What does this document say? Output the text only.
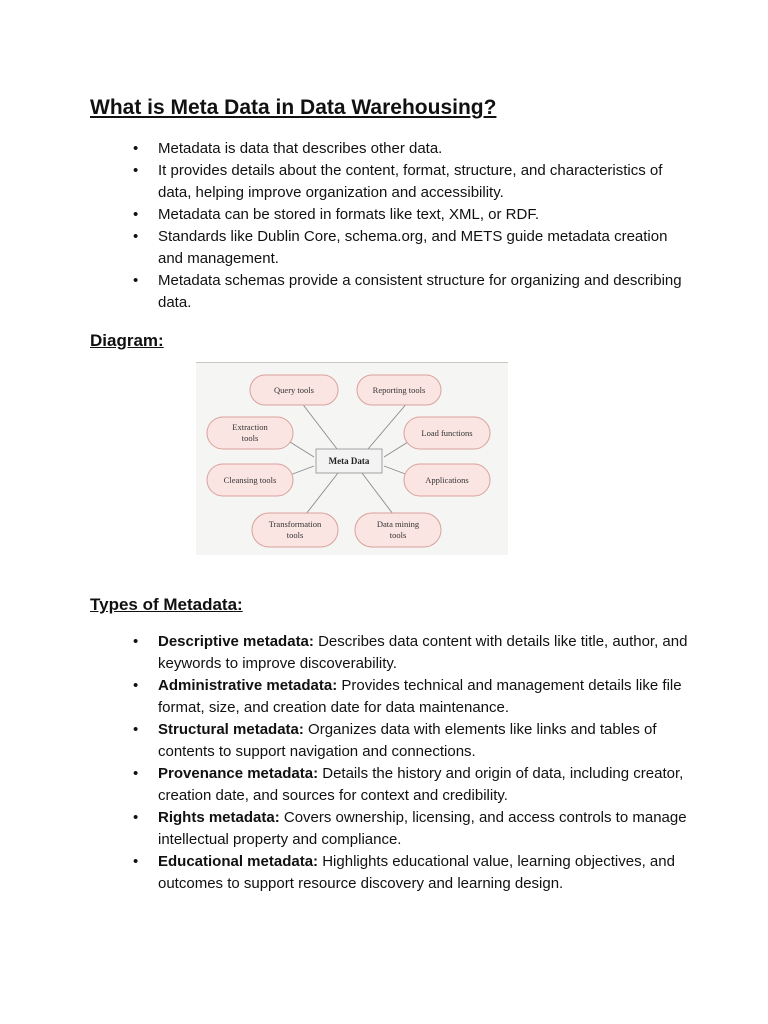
What is Meta Data in Data Warehousing?
• Metadata is data that describes other data.
• It provides details about the content, format, structure, and characteristics of data, helping improve organization and accessibility.
• Metadata can be stored in formats like text, XML, or RDF.
• Standards like Dublin Core, schema.org, and METS guide metadata creation and management.
• Metadata schemas provide a consistent structure for organizing and describing data.
Diagram:
Meta Data
Query tools	Reporting tools
Extraction
tools	Load functions
Cleansing tools	Applications
Transformation
tools
Data mining
tools
Types of Metadata:
• Descriptive metadata: Describes data content with details like title, author, and keywords to improve discoverability.
• Administrative metadata: Provides technical and management details like file format, size, and creation date for data maintenance.
• Structural metadata: Organizes data with elements like links and tables of contents to support navigation and connections.
• Provenance metadata: Details the history and origin of data, including creator, creation date, and sources for context and credibility.
• Rights metadata: Covers ownership, licensing, and access controls to manage intellectual property and compliance.
• Educational metadata: Highlights educational value, learning objectives, and outcomes to support resource discovery and learning design.
